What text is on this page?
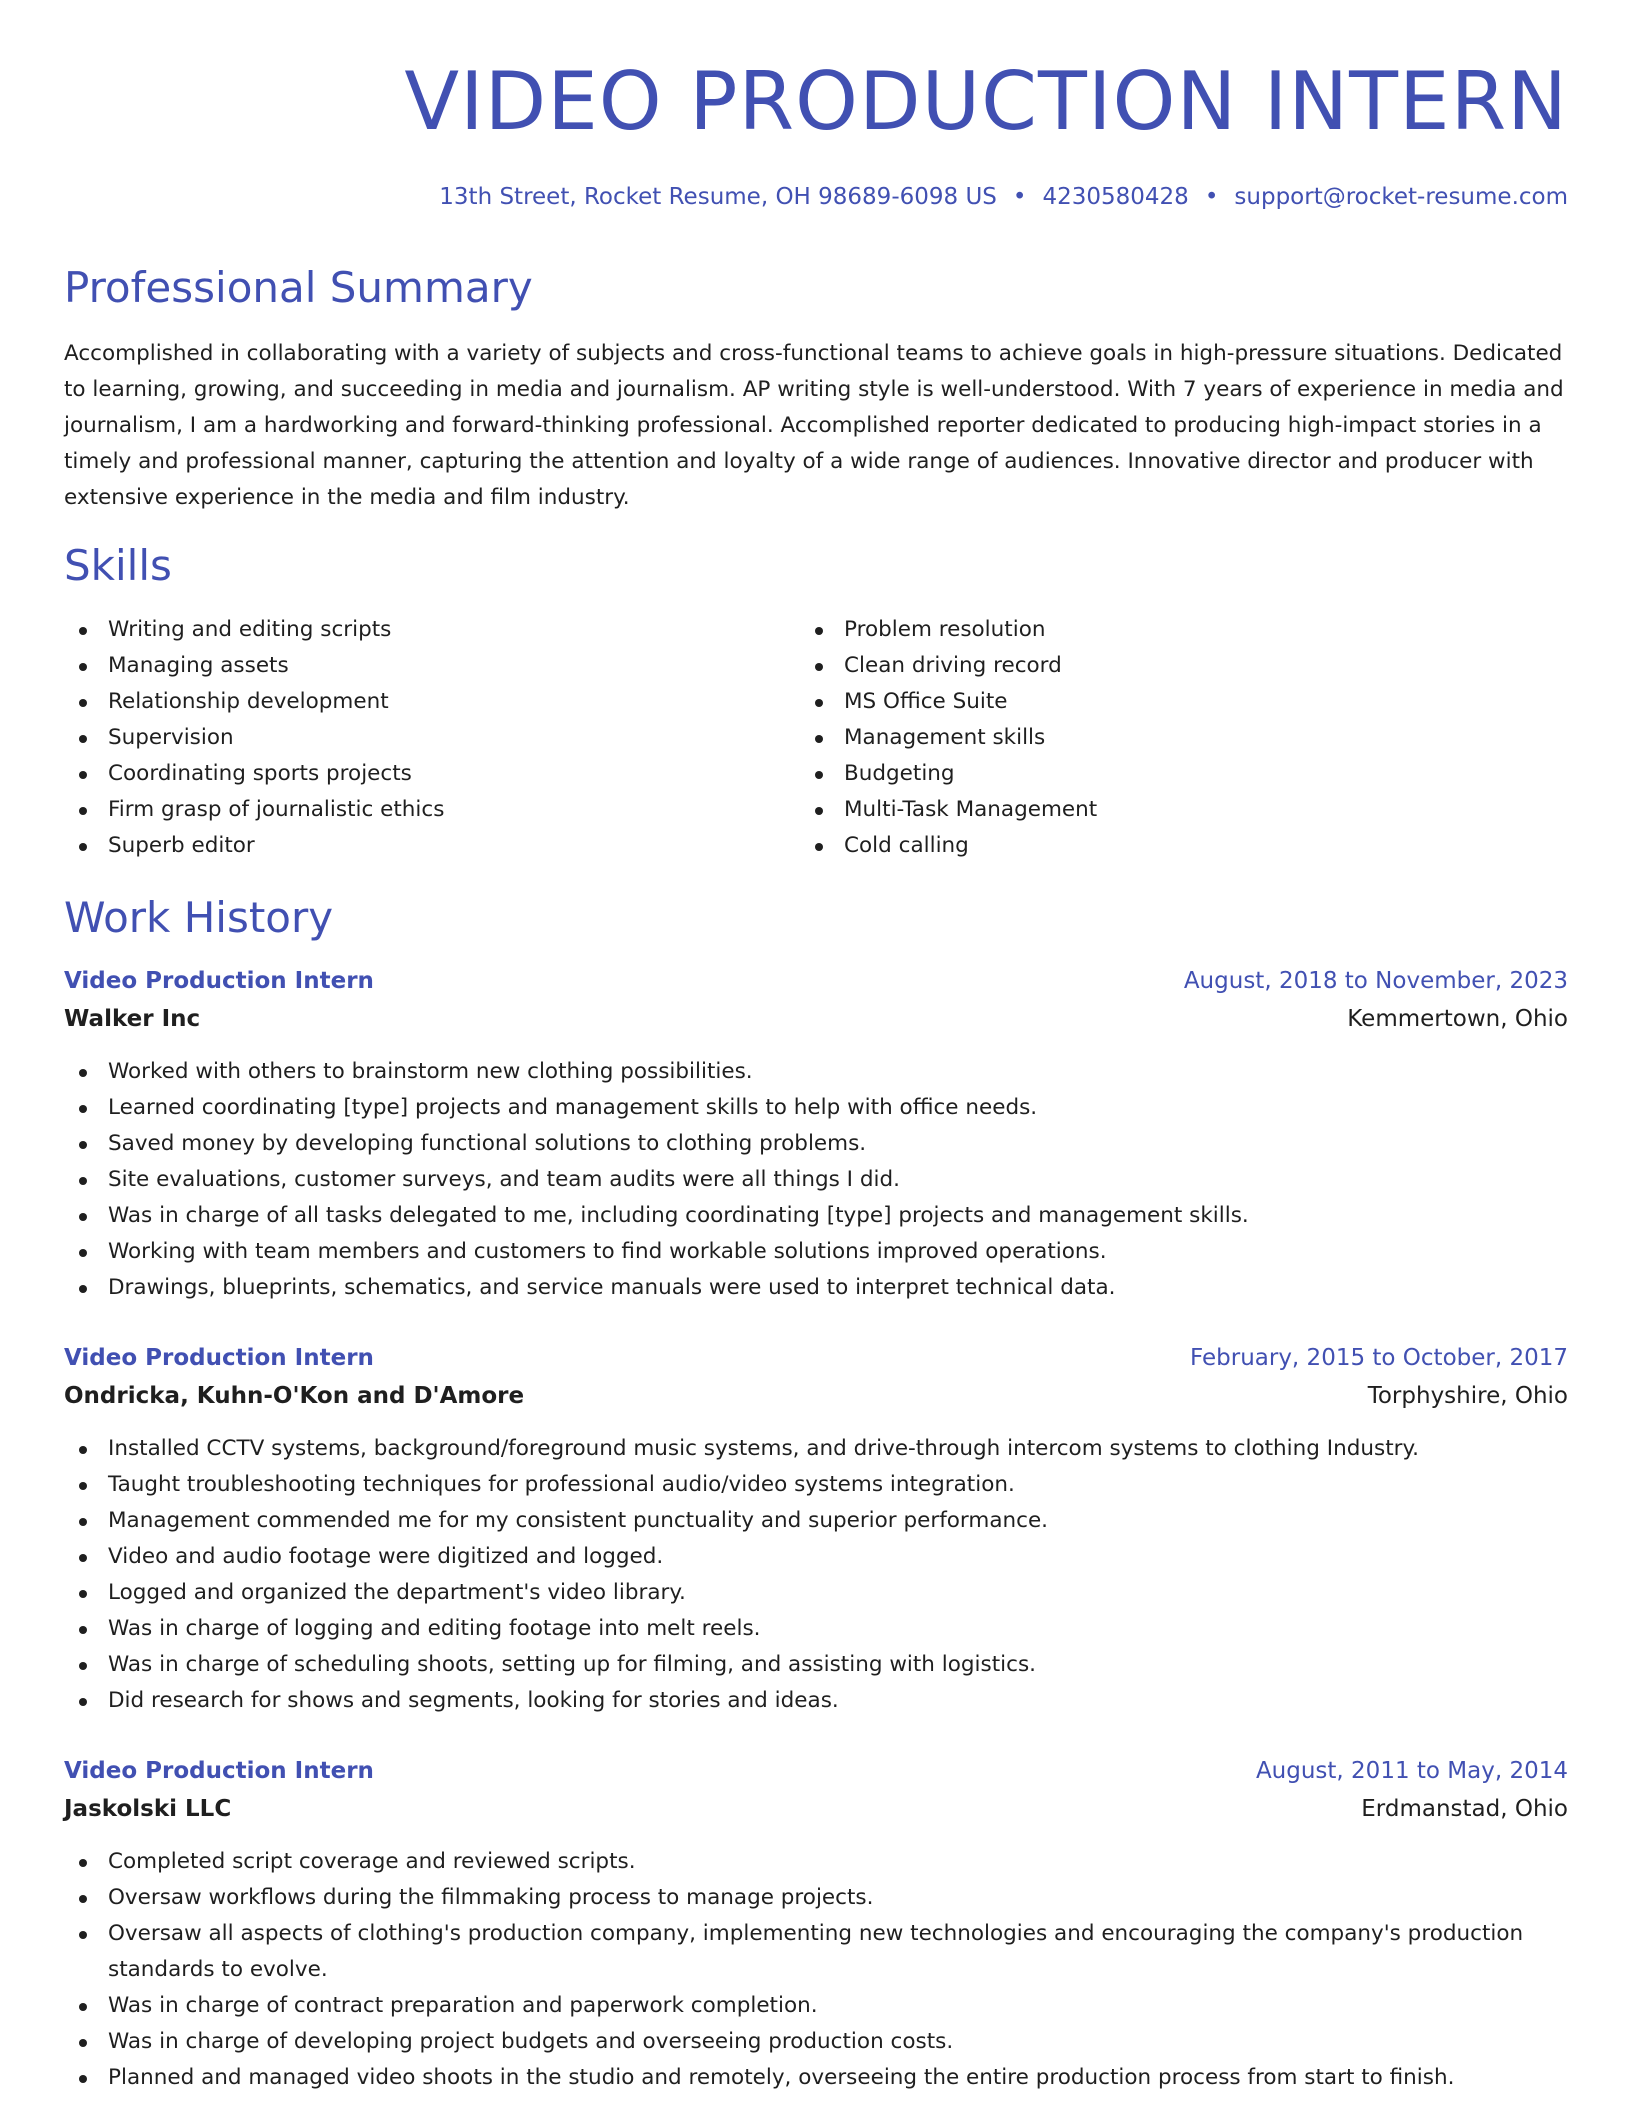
VIDEO PRODUCTION INTERN
13th Street, Rocket Resume, OH 98689-6098 US • 4230580428 • support@rocket-resume.com
Professional Summary

Accomplished in collaborating with a variety of subjects and cross-functional teams to achieve goals in high-pressure situations. Dedicated to learning, growing, and succeeding in media and journalism. AP writing style is well-understood. With 7 years of experience in media and journalism, I am a hardworking and forward-thinking professional. Accomplished reporter dedicated to producing high-impact stories in a timely and professional manner, capturing the attention and loyalty of a wide range of audiences. Innovative director and producer with extensive experience in the media and film industry.

Skills
Writing and editing scripts
Managing assets
Relationship development
Supervision
Coordinating sports projects
Firm grasp of journalistic ethics
Superb editor
Problem resolution
Clean driving record
MS Office Suite
Management skills
Budgeting
Multi-Task Management
Cold calling
Work History
Video Production Intern	August, 2018 to November, 2023
Walker Inc	Kemmertown, Ohio
Worked with others to brainstorm new clothing possibilities.
Learned coordinating [type] projects and management skills to help with office needs.
Saved money by developing functional solutions to clothing problems.
Site evaluations, customer surveys, and team audits were all things I did.
Was in charge of all tasks delegated to me, including coordinating [type] projects and management skills.
Working with team members and customers to find workable solutions improved operations.
Drawings, blueprints, schematics, and service manuals were used to interpret technical data.
Video Production Intern	February, 2015 to October, 2017
Ondricka, Kuhn-O'Kon and D'Amore	Torphyshire, Ohio
Installed CCTV systems, background/foreground music systems, and drive-through intercom systems to clothing Industry.
Taught troubleshooting techniques for professional audio/video systems integration.
Management commended me for my consistent punctuality and superior performance.
Video and audio footage were digitized and logged.
Logged and organized the department's video library.
Was in charge of logging and editing footage into melt reels.
Was in charge of scheduling shoots, setting up for filming, and assisting with logistics.
Did research for shows and segments, looking for stories and ideas.
Video Production Intern	August, 2011 to May, 2014
Jaskolski LLC	Erdmanstad, Ohio
Completed script coverage and reviewed scripts.
Oversaw workflows during the filmmaking process to manage projects.
Oversaw all aspects of clothing's production company, implementing new technologies and encouraging the company's production standards to evolve.
Was in charge of contract preparation and paperwork completion.
Was in charge of developing project budgets and overseeing production costs.
Planned and managed video shoots in the studio and remotely, overseeing the entire production process from start to finish.
